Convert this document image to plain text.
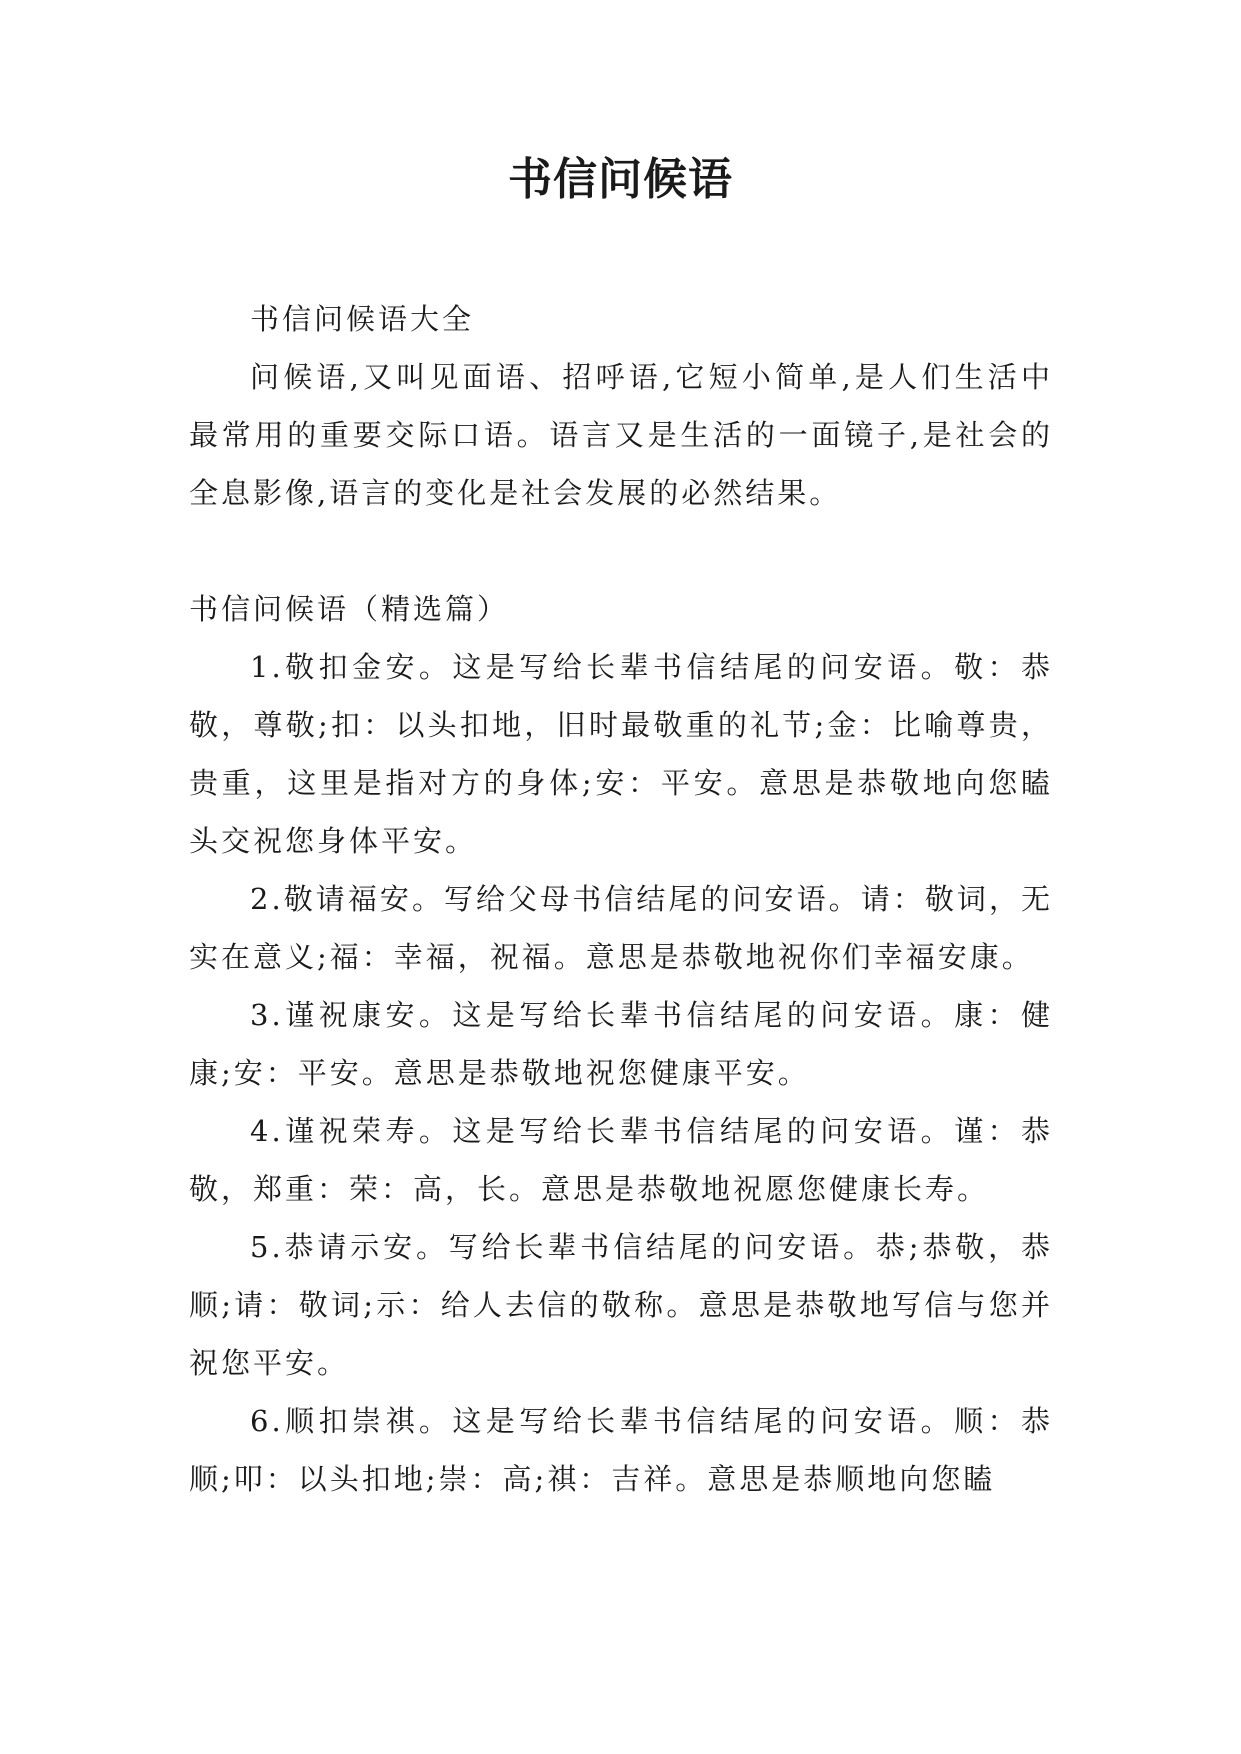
书信问候语

书信问候语大全

问候语,又叫见面语、招呼语,它短小简单,是人们生活中最常用的重要交际口语。语言又是生活的一面镜子,是社会的全息影像,语言的变化是社会发展的必然结果。

书信问候语（精选篇）

1.敬扣金安。这是写给长辈书信结尾的问安语。敬：恭敬，尊敬;扣：以头扣地，旧时最敬重的礼节;金：比喻尊贵，贵重，这里是指对方的身体;安：平安。意思是恭敬地向您瞌头交祝您身体平安。

2.敬请福安。写给父母书信结尾的问安语。请：敬词，无实在意义;福：幸福，祝福。意思是恭敬地祝你们幸福安康。

3.谨祝康安。这是写给长辈书信结尾的问安语。康：健康;安：平安。意思是恭敬地祝您健康平安。

4.谨祝荣寿。这是写给长辈书信结尾的问安语。谨：恭敬，郑重：荣：高，长。意思是恭敬地祝愿您健康长寿。

5.恭请示安。写给长辈书信结尾的问安语。恭;恭敬，恭顺;请：敬词;示：给人去信的敬称。意思是恭敬地写信与您并祝您平安。

6.顺扣崇祺。这是写给长辈书信结尾的问安语。顺：恭顺;叩：以头扣地;崇：高;祺：吉祥。意思是恭顺地向您瞌
